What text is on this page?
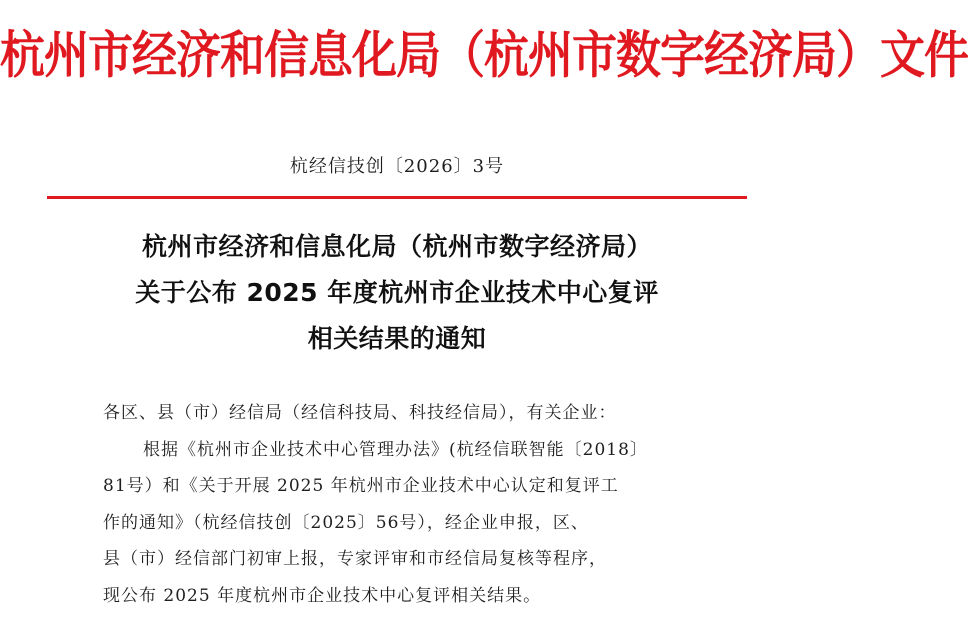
杭州市经济和信息化局（杭州市数字经济局）文件
杭经信技创〔2026〕3号
杭州市经济和信息化局（杭州市数字经济局）
关于公布 2025 年度杭州市企业技术中心复评
相关结果的通知
各区、县（市）经信局（经信科技局、科技经信局），有关企业：
根据《杭州市企业技术中心管理办法》(杭经信联智能〔2018〕
81号）和《关于开展 2025 年杭州市企业技术中心认定和复评工
作的通知》（杭经信技创〔2025〕56号），经企业申报，区、
县（市）经信部门初审上报，专家评审和市经信局复核等程序，
现公布 2025 年度杭州市企业技术中心复评相关结果。
